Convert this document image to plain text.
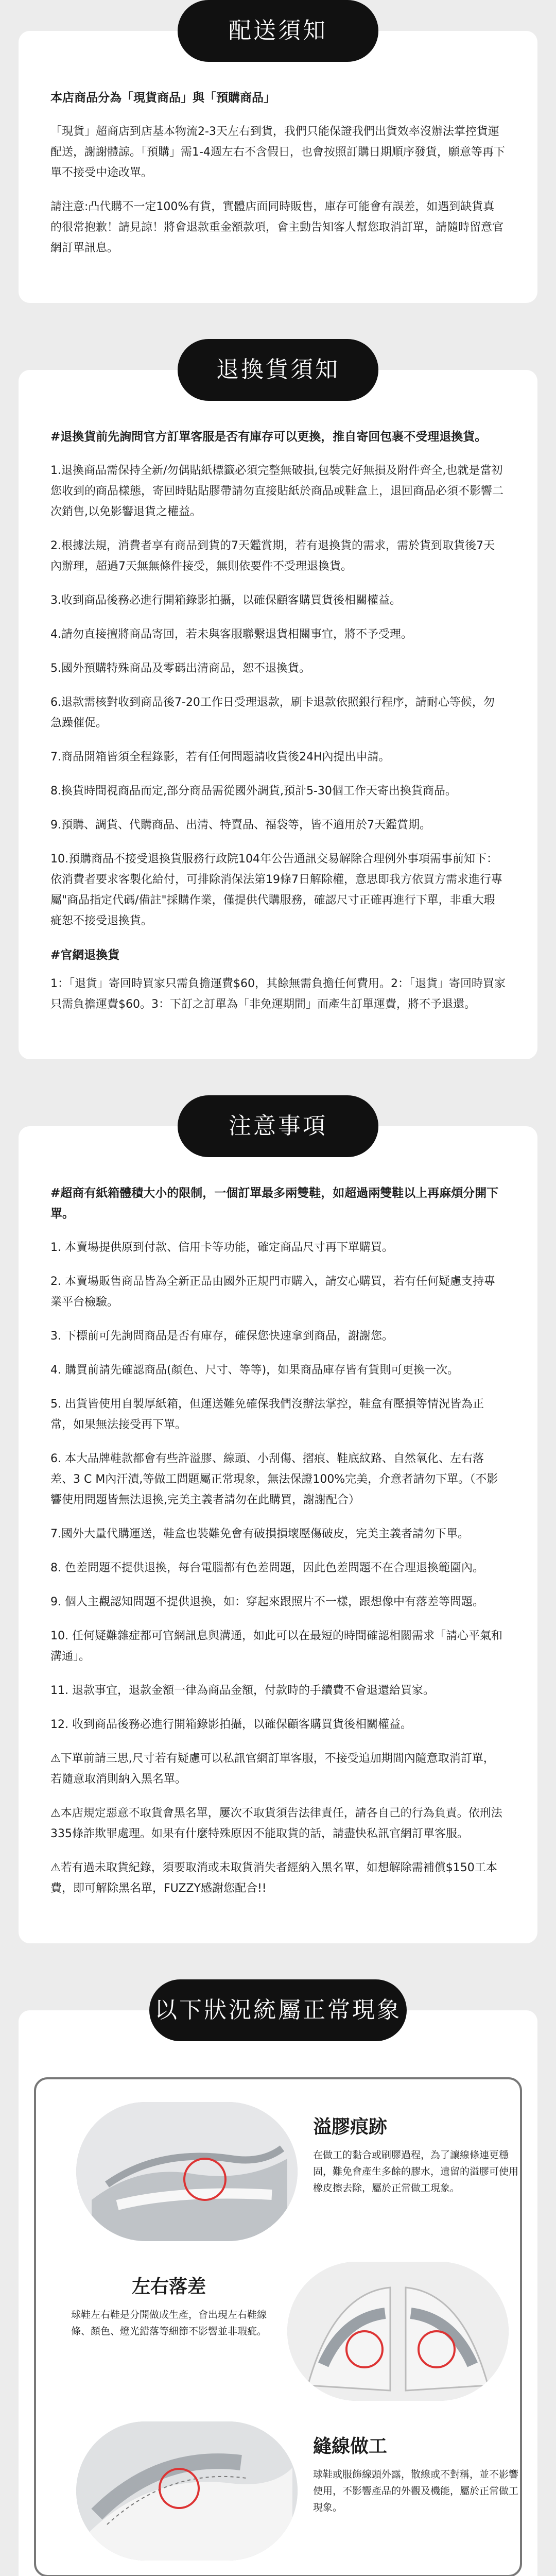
配送須知

本店商品分為「現貨商品」與「預購商品」

「現貨」超商店到店基本物流2-3天左右到貨，我們只能保證我們出貨效率沒辦法掌控貨運配送，謝謝體諒。「預購」需1-4週左右不含假日，也會按照訂購日期順序發貨，願意等再下單不接受中途改單。

請注意:凸代購不一定100%有貨，實體店面同時販售，庫存可能會有誤差，如遇到缺貨真的很常抱歉！請見諒！將會退款重金額款項，會主動告知客人幫您取消訂單，請隨時留意官網訂單訊息。

退換貨須知

#退換貨前先詢問官方訂單客服是否有庫存可以更換，推自寄回包裹不受理退換貨。

1.退換商品需保持全新/勿偶貼紙標籤必須完整無破損,包裝完好無損及附件齊全,也就是當初您收到的商品樣態，寄回時貼貼膠帶請勿直接貼紙於商品或鞋盒上，退回商品必須不影響二次銷售,以免影響退貨之權益。

2.根據法規，消費者享有商品到貨的7天鑑賞期，若有退換貨的需求，需於貨到取貨後7天內辦理，超過7天無無條件接受，無則依要件不受理退換貨。

3.收到商品後務必進行開箱錄影拍攝，以確保顧客購買貨後相關權益。

4.請勿直接擅將商品寄回，若未與客服聯繫退貨相關事宜，將不予受理。

5.國外預購特殊商品及零碼出清商品，恕不退換貨。

6.退款需核對收到商品後7-20工作日受理退款，刷卡退款依照銀行程序，請耐心等候，勿急躁催促。

7.商品開箱皆須全程錄影，若有任何問題請收貨後24H內提出申請。

8.換貨時間視商品而定,部分商品需從國外調貨,預計5-30個工作天寄出換貨商品。

9.預購、調貨、代購商品、出清、特賣品、福袋等，皆不適用於7天鑑賞期。

10.預購商品不接受退換貨服務行政院104年公告通訊交易解除合理例外事項需事前知下：依消費者要求客製化給付，可排除消保法第19條7日解除權，意思即我方依買方需求進行專屬"商品指定代碼/備註"採購作業，僅提供代購服務，確認尺寸正確再進行下單，非重大瑕疵恕不接受退換貨。

#官網退換貨

1：「退貨」寄回時買家只需負擔運費$60，其餘無需負擔任何費用。2：「退貨」寄回時買家只需負擔運費$60。3：下訂之訂單為「非免運期間」而產生訂單運費，將不予退還。

注意事項

#超商有紙箱體積大小的限制，一個訂單最多兩雙鞋，如超過兩雙鞋以上再麻煩分開下單。

1. 本賣場提供原到付款、信用卡等功能，確定商品尺寸再下單購買。

2. 本賣場販售商品皆為全新正品由國外正規門市購入，請安心購買，若有任何疑慮支持專業平台檢驗。

3. 下標前可先詢問商品是否有庫存，確保您快速拿到商品，謝謝您。

4. 購買前請先確認商品(顏色、尺寸、等等)，如果商品庫存皆有貨則可更換一次。

5. 出貨皆使用自製厚紙箱，但運送難免確保我們沒辦法掌控，鞋盒有壓損等情況皆為正常，如果無法接受再下單。

6. 本大品牌鞋款都會有些許溢膠、線頭、小刮傷、摺痕、鞋底紋路、自然氧化、左右落差、3 C M內汗漬,等做工問題屬正常現象，無法保證100%完美，介意者請勿下單。（不影響使用問題皆無法退換,完美主義者請勿在此購買，謝謝配合）

7.國外大量代購運送，鞋盒也裝難免會有破損損壞壓傷破皮，完美主義者請勿下單。

8. 色差問題不提供退換，每台電腦都有色差問題，因此色差問題不在合理退換範圍內。

9. 個人主觀認知問題不提供退換，如：穿起來跟照片不一樣，跟想像中有落差等問題。

10. 任何疑難雜症都可官網訊息與溝通，如此可以在最短的時間確認相關需求「請心平氣和溝通」。

11. 退款事宜，退款金額一律為商品金額，付款時的手續費不會退還給買家。

12. 收到商品後務必進行開箱錄影拍攝，以確保顧客購買貨後相關權益。

⚠下單前請三思,尺寸若有疑慮可以私訊官網訂單客服，不接受追加期間內隨意取消訂單，若隨意取消則納入黑名單。

⚠本店規定惡意不取貨會黑名單，屢次不取貨須告法律責任，請各自己的行為負責。依刑法335條詐欺罪處理。如果有什麼特殊原因不能取貨的話，請盡快私訊官網訂單客服。

⚠若有過未取貨紀錄，須要取消或未取貨消失者經納入黑名單，如想解除需補償$150工本費，即可解除黑名單，FUZZY感謝您配合!!

以下狀況統屬正常現象
溢膠痕跡
在做工的黏合或刷膠過程，為了讓線條連更穩固，難免會產生多餘的膠水，遺留的溢膠可使用橡皮擦去除，屬於正常做工現象。
左右落差
球鞋左右鞋是分開做成生產，會出現左右鞋線條、顏色、燈光錯落等細節不影響並非瑕疵。
縫線做工
球鞋或服飾線頭外露，散線或不對稱，並不影響使用，不影響產品的外觀及機能，屬於正常做工現象。
